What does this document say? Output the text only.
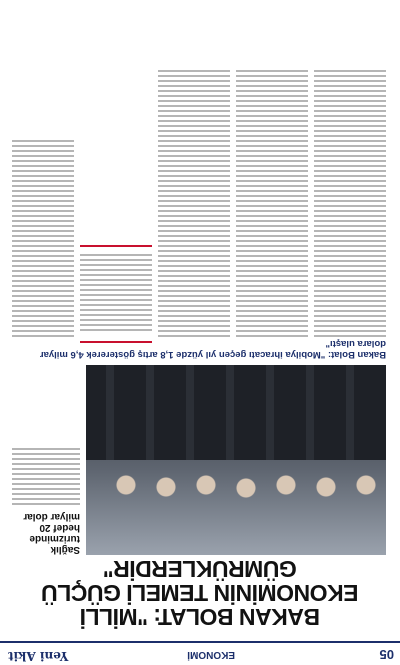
05
EKONOMİ
Yeni Akit
BAKAN BOLAT: "MİLLİ EKONOMİNİN TEMELİ GÜÇLÜ GÜMRÜKLERDİR"
Sağlık turizminde hedef 20 milyar dolar
Bakan Bolat: "Mobilya ihracatı geçen yıl yüzde 1,8 artış göstererek 4,6 milyar dolara ulaştı"
